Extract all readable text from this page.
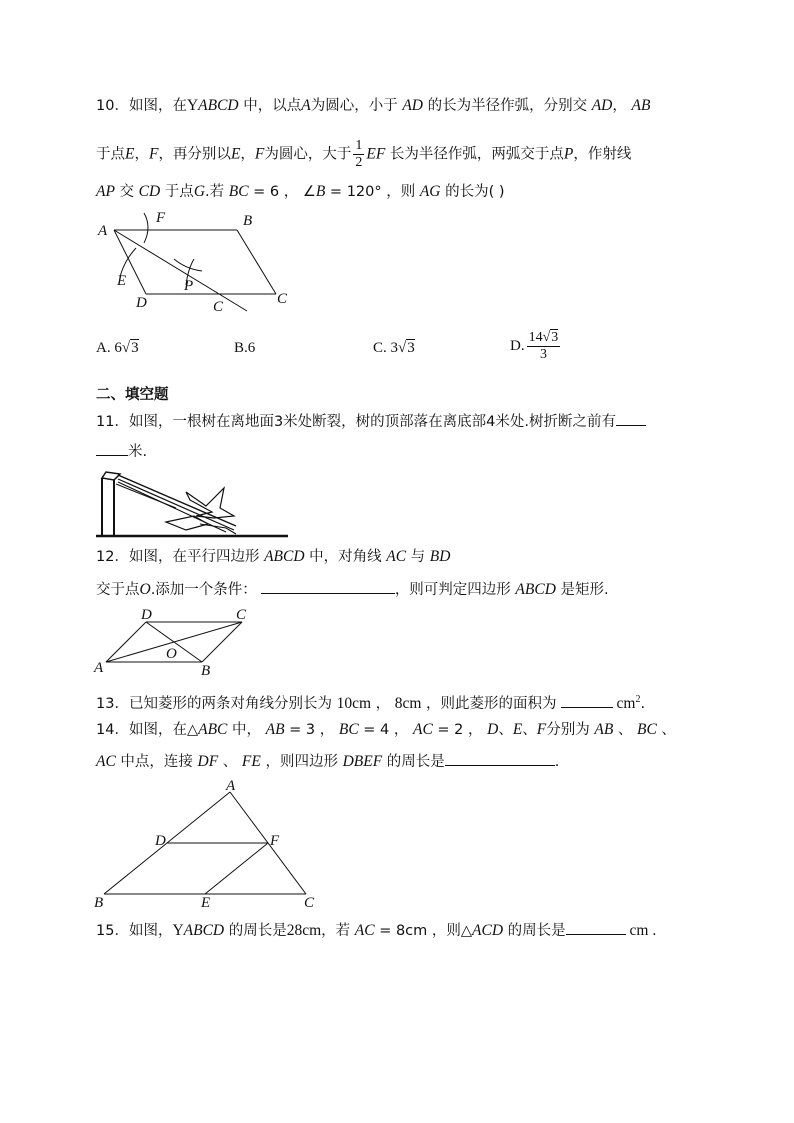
10．如图，在YABCD 中，以点A为圆心，小于 AD 的长为半径作弧，分别交 AD， AB
于点E，F，再分别以E，F为圆心，大于 $\frac{1}{2}$ EF 长为半径作弧，两弧交于点P，作射线
AP 交 CD 于点G.若 BC = 6 ， ∠B = 120° ，则 AG 的长为( )
A
F	B
E	P
D	C	C
A. 6√3	B.6	C. 3√3	D. $\frac{14√3}{3}$
二、填空题
11．如图，一根树在离地面3米处断裂，树的顶部落在离底部4米处.树折断之前有
米.
12．如图，在平行四边形 ABCD 中，对角线 AC 与 BD
交于点O.添加一个条件：	，则可判定四边形 ABCD 是矩形.
D	C
O
A	B
13．已知菱形的两条对角线分别长为 10cm ， 8cm ，则此菱形的面积为	$cm^2$.
14．如图，在△ABC 中， AB = 3 ， BC = 4 ， AC = 2 ， D、E、F分别为 AB 、 BC 、
AC 中点，连接 DF 、 FE ，则四边形 DBEF 的周长是	.
A
D	F
B	E	C
15．如图，YABCD 的周长是28cm，若 AC = 8cm ，则△ACD 的周长是	cm .
